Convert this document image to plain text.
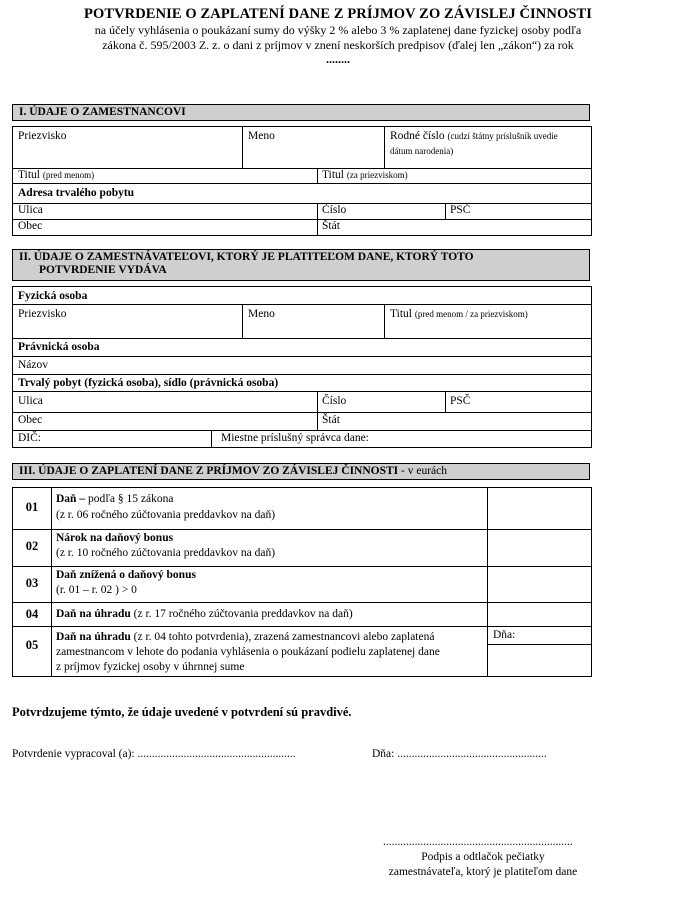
POTVRDENIE O ZAPLATENÍ DANE Z PRÍJMOV ZO ZÁVISLEJ ČINNOSTI
na účely vyhlásenia o poukázaní sumy do výšky 2 % alebo 3 % zaplatenej dane fyzickej osoby podľa
zákona č. 595/2003 Z. z. o dani z príjmov v znení neskorších predpisov (ďalej len „zákon“) za rok
........
I. ÚDAJE O ZAMESTNANCOVI
Priezvisko	Meno	Rodné číslo (cudzí štátny príslušník uvedie
dátum narodenia)
Titul (pred menom)	Titul (za priezviskom)
Adresa trvalého pobytu
Ulica	Číslo	PSČ
Obec	Štát
II. ÚDAJE O ZAMESTNÁVATEĽOVI, KTORÝ JE PLATITEĽOM DANE, KTORÝ TOTO
POTVRDENIE VYDÁVA
Fyzická osoba
Priezvisko	Meno	Titul (pred menom / za priezviskom)
Právnická osoba
Názov
Trvalý pobyt (fyzická osoba), sídlo (právnická osoba)
Ulica	Číslo	PSČ
Obec	Štát
DIČ:	Miestne príslušný správca dane:
III. ÚDAJE O ZAPLATENÍ DANE Z PRÍJMOV ZO ZÁVISLEJ ČINNOSTI - v eurách
01
Daň – podľa § 15 zákona
(z r. 06 ročného zúčtovania preddavkov na daň)
02
Nárok na daňový bonus
(z r. 10 ročného zúčtovania preddavkov na daň)
03
Daň znížená o daňový bonus
(r. 01 – r. 02 ) > 0
04	Daň na úhradu (z r. 17 ročného zúčtovania preddavkov na daň)
05
Daň na úhradu (z r. 04 tohto potvrdenia), zrazená zamestnancovi alebo zaplatená
zamestnancom v lehote do podania vyhlásenia o poukázaní podielu zaplatenej dane
z príjmov fyzickej osoby v úhrnnej sume
Dňa:
Potvrdzujeme týmto, že údaje uvedené v potvrdení sú pravdivé.
Potvrdenie vypracoval (a): .......................................................	Dňa: ....................................................
..................................................................
Podpis a odtlačok pečiatky
zamestnávateľa, ktorý je platiteľom dane
